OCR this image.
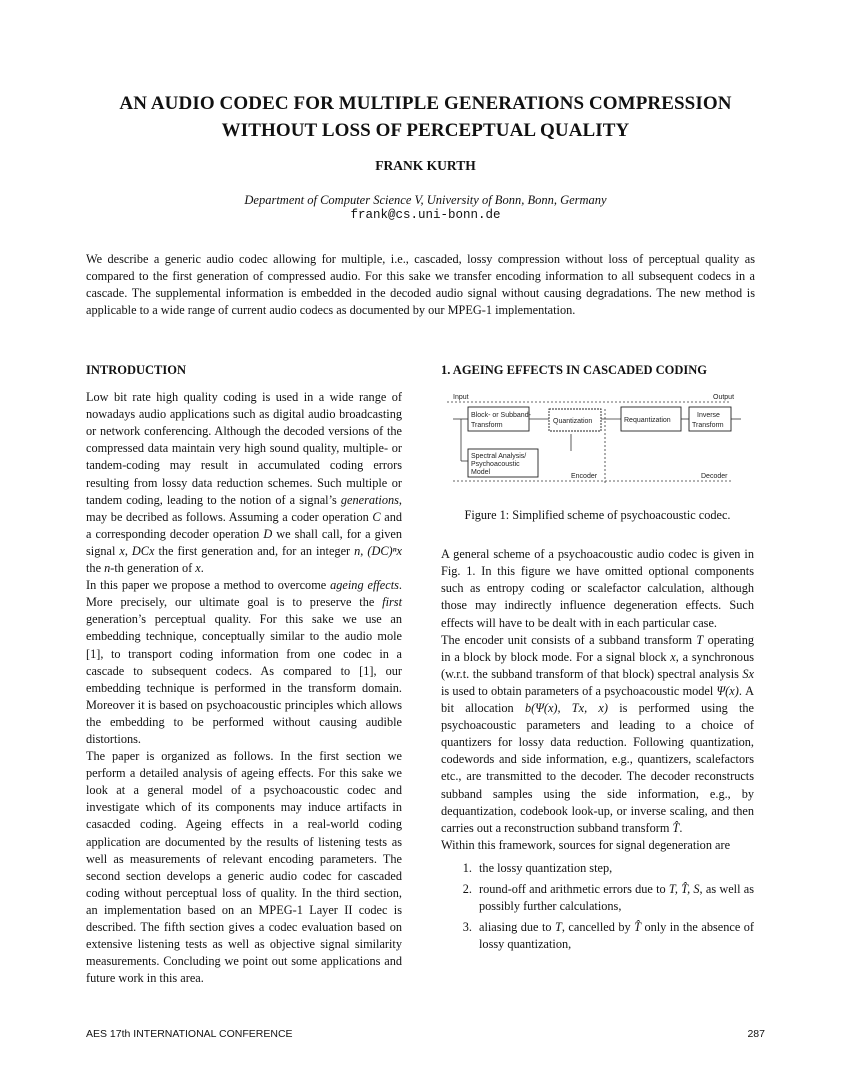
AN AUDIO CODEC FOR MULTIPLE GENERATIONS COMPRESSION
WITHOUT LOSS OF PERCEPTUAL QUALITY
FRANK KURTH
Department of Computer Science V, University of Bonn, Bonn, Germany
frank@cs.uni-bonn.de
We describe a generic audio codec allowing for multiple, i.e., cascaded, lossy compression without loss of perceptual quality as compared to the first generation of compressed audio. For this sake we transfer encoding information to all subsequent codecs in a cascade. The supplemental information is embedded in the decoded audio signal without causing degradations. The new method is applicable to a wide range of current audio codecs as documented by our MPEG-1 implementation.
INTRODUCTION

Low bit rate high quality coding is used in a wide range of nowadays audio applications such as digital audio broadcasting or network conferencing. Although the decoded versions of the compressed data maintain very high sound quality, multiple- or tandem-coding may result in accumulated coding errors resulting from lossy data reduction schemes. Such multiple or tandem coding, leading to the notion of a signal’s generations, may be decribed as follows. Assuming a coder operation C and a corresponding decoder operation D we shall call, for a given signal x, DCx the first generation and, for an integer n, (DC)ⁿx the n-th generation of x.

In this paper we propose a method to overcome ageing effects. More precisely, our ultimate goal is to preserve the first generation’s perceptual quality. For this sake we use an embedding technique, conceptually similar to the audio mole [1], to transport coding information from one codec in a cascade to subsequent codecs. As compared to [1], our embedding technique is performed in the transform domain. Moreover it is based on psychoacoustic principles which allows the embedding to be performed without causing audible distortions.

The paper is organized as follows. In the first section we perform a detailed analysis of ageing effects. For this sake we look at a general model of a psychoacoustic codec and investigate which of its components may induce artifacts in casacded coding. Ageing effects in a real-world coding application are documented by the results of listening tests as well as measurements of relevant encoding parameters. The second section develops a generic audio codec for cascaded coding without perceptual loss of quality. In the third section, an implementation based on an MPEG-1 Layer II codec is described. The fifth section gives a codec evaluation based on extensive listening tests as well as objective signal similarity measurements. Concluding we point out some applications and future work in this area.

1. AGEING EFFECTS IN CASCADED CODING
Input	Output
Block- or Subband-
Transform
Quantization	Requantization
Inverse
Transform
Spectral Analysis/
Psychoacoustic
Model
Encoder	Decoder
Figure 1: Simplified scheme of psychoacoustic codec.

A general scheme of a psychoacoustic audio codec is given in Fig. 1. In this figure we have omitted optional components such as entropy coding or scalefactor calculation, although those may indirectly influence degeneration effects. Such effects will have to be dealt with in each particular case.

The encoder unit consists of a subband transform T operating in a block by block mode. For a signal block x, a synchronous (w.r.t. the subband transform of that block) spectral analysis Sx is used to obtain parameters of a psychoacoustic model Ψ(x). A bit allocation b(Ψ(x), Tx, x) is performed using the psychoacoustic parameters and leading to a choice of quantizers for lossy data reduction. Following quantization, codewords and side information, e.g., quantizers, scalefactors etc., are transmitted to the decoder. The decoder reconstructs subband samples using the side information, e.g., by dequantization, codebook look-up, or inverse scaling, and then carries out a reconstruction subband transform T̂.

Within this framework, sources for signal degeneration are

1. the lossy quantization step,
2. round-off and arithmetic errors due to T, T̂, S, as well as possibly further calculations,
3. aliasing due to T, cancelled by T̂ only in the absence of lossy quantization,
AES 17th INTERNATIONAL CONFERENCE	287
